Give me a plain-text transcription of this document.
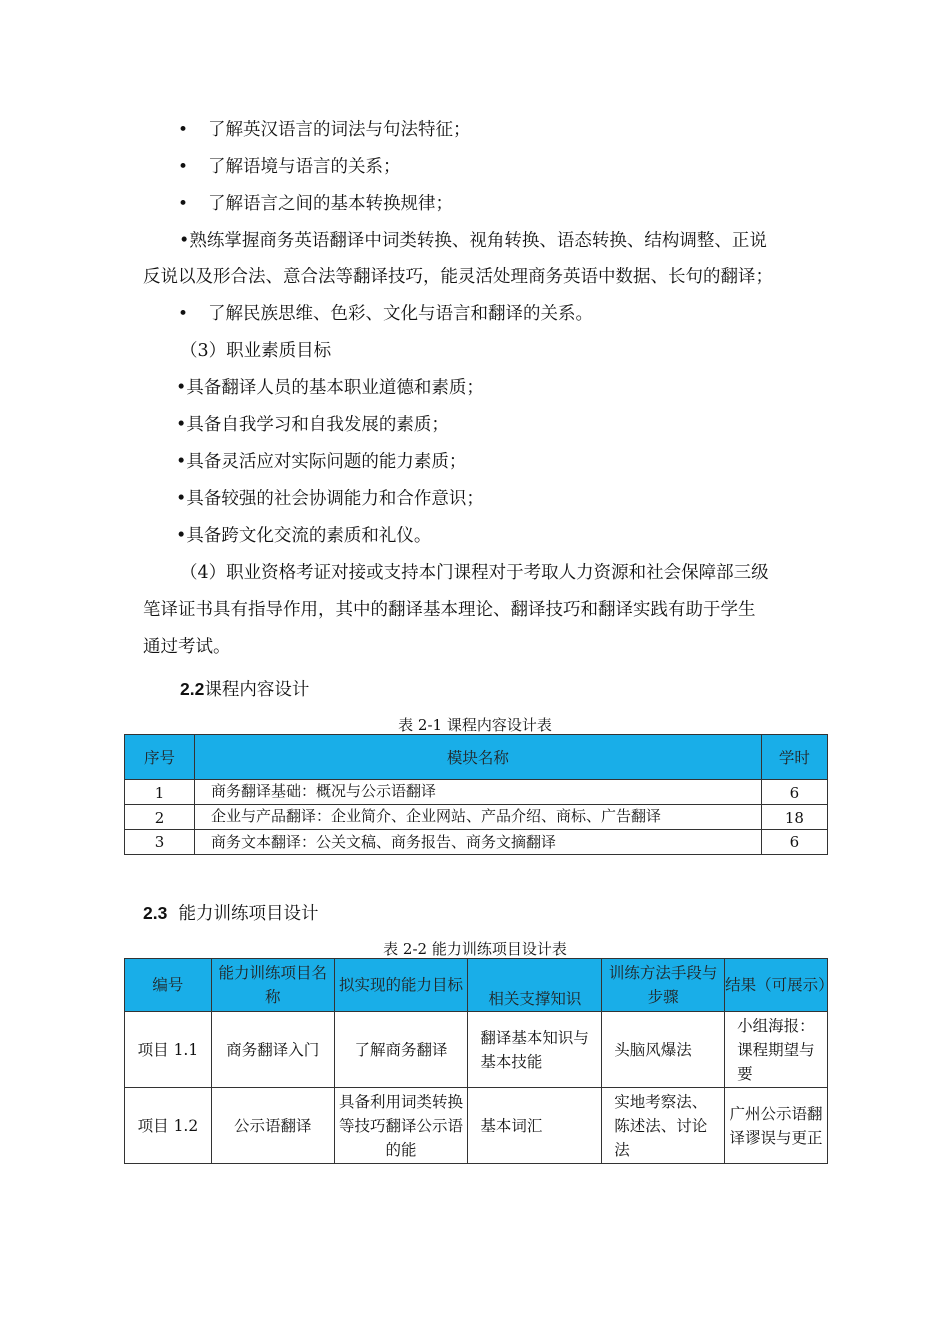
• 了解英汉语言的词法与句法特征；
• 了解语境与语言的关系；
• 了解语言之间的基本转换规律；
•熟练掌握商务英语翻译中词类转换、视角转换、语态转换、结构调整、正说
反说以及形合法、意合法等翻译技巧，能灵活处理商务英语中数据、长句的翻译；
• 了解民族思维、色彩、文化与语言和翻译的关系。
（3）职业素质目标
•具备翻译人员的基本职业道德和素质；
•具备自我学习和自我发展的素质；
•具备灵活应对实际问题的能力素质；
•具备较强的社会协调能力和合作意识；
•具备跨文化交流的素质和礼仪。
（4）职业资格考证对接或支持本门课程对于考取人力资源和社会保障部三级
笔译证书具有指导作用，其中的翻译基本理论、翻译技巧和翻译实践有助于学生
通过考试。
2.2课程内容设计
表 2-1 课程内容设计表
序号	模块名称	学时
1	商务翻译基础：概况与公示语翻译	6
2	企业与产品翻译：企业简介、企业网站、产品介绍、商标、广告翻译	18
3	商务文本翻译：公关文稿、商务报告、商务文摘翻译	6
2.3 能力训练项目设计
表 2-2 能力训练项目设计表
编号	能力训练项目名称	拟实现的能力目标	相关支撑知识	训练方法手段与步骤	结果（可展示）
项目 1.1	商务翻译入门	了解商务翻译	翻译基本知识与基本技能	头脑风爆法	小组海报：课程期望与要
项目 1.2	公示语翻译	具备利用词类转换等技巧翻译公示语的能	基本词汇	实地考察法、陈述法、讨论法	广州公示语翻译谬误与更正
